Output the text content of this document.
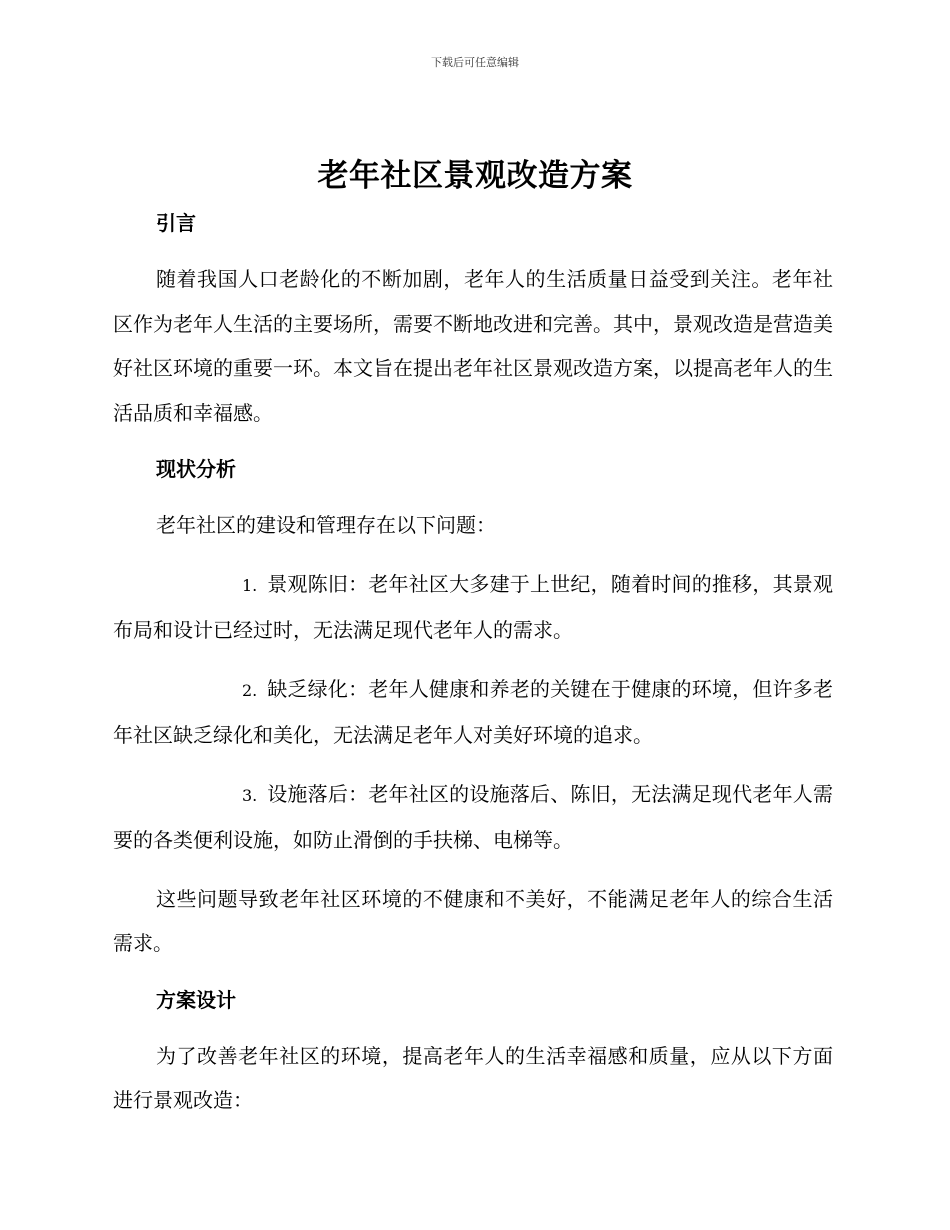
下载后可任意编辑
老年社区景观改造方案
引言

随着我国人口老龄化的不断加剧，老年人的生活质量日益受到关注。老年社区作为老年人生活的主要场所，需要不断地改进和完善。其中，景观改造是营造美好社区环境的重要一环。本文旨在提出老年社区景观改造方案，以提高老年人的生活品质和幸福感。

现状分析

老年社区的建设和管理存在以下问题：

1. 景观陈旧：老年社区大多建于上世纪，随着时间的推移，其景观布局和设计已经过时，无法满足现代老年人的需求。

2. 缺乏绿化：老年人健康和养老的关键在于健康的环境，但许多老年社区缺乏绿化和美化，无法满足老年人对美好环境的追求。

3. 设施落后：老年社区的设施落后、陈旧，无法满足现代老年人需要的各类便利设施，如防止滑倒的手扶梯、电梯等。

这些问题导致老年社区环境的不健康和不美好，不能满足老年人的综合生活需求。

方案设计

为了改善老年社区的环境，提高老年人的生活幸福感和质量，应从以下方面进行景观改造：
